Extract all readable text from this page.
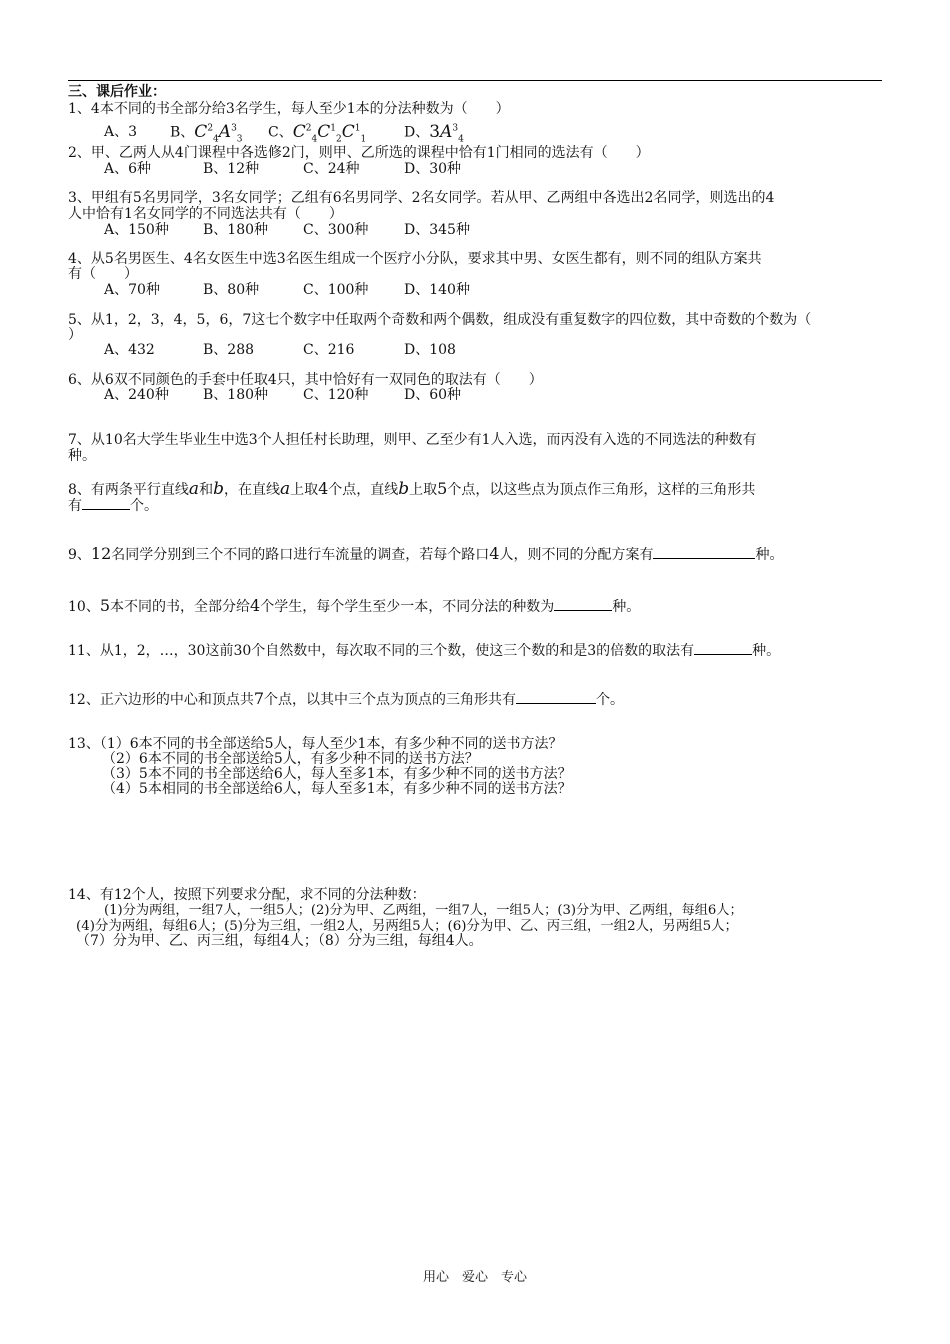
三、课后作业：
1、4本不同的书全部分给3名学生，每人至少1本的分法种数为（　　）
A、3 B、$C^2_4A^3_3$ C、$C^2_4C^1_2C^1_1$	D、$3A^3_4$
2、甲、乙两人从4门课程中各选修2门，则甲、乙所选的课程中恰有1门相同的选法有（　　）
A、6种	B、12种	C、24种	D、30种
3、甲组有5名男同学，3名女同学；乙组有6名男同学、2名女同学。若从甲、乙两组中各选出2名同学，则选出的4
人中恰有1名女同学的不同选法共有（　　）
A、150种 B、180种 C、300种	D、345种
4、从5名男医生、4名女医生中选3名医生组成一个医疗小分队，要求其中男、女医生都有，则不同的组队方案共
有（　　）
A、70种	B、80种	C、100种	D、140种
5、从1，2，3，4，5，6，7这七个数字中任取两个奇数和两个偶数，组成没有重复数字的四位数，其中奇数的个数为（
）
A、432	B、288	C、216	D、108
6、从6双不同颜色的手套中任取4只，其中恰好有一双同色的取法有（　　）
A、240种 B、180种 C、120种	D、60种
7、从10名大学生毕业生中选3个人担任村长助理，则甲、乙至少有1人入选，而丙没有入选的不同选法的种数有
种。
8、有两条平行直线a和b，在直线a上取4个点，直线b上取5个点，以这些点为顶点作三角形，这样的三角形共
有	个。
9、12名同学分别到三个不同的路口进行车流量的调查，若每个路口4人，则不同的分配方案有	种。
10、5本不同的书，全部分给4个学生，每个学生至少一本，不同分法的种数为	种。
11、从1，2，…，30这前30个自然数中，每次取不同的三个数，使这三个数的和是3的倍数的取法有	种。
12、正六边形的中心和顶点共7个点，以其中三个点为顶点的三角形共有	个。
13、（1）6本不同的书全部送给5人，每人至少1本，有多少种不同的送书方法？
（2）6本不同的书全部送给5人，有多少种不同的送书方法？
（3）5本不同的书全部送给6人，每人至多1本，有多少种不同的送书方法？
（4）5本相同的书全部送给6人，每人至多1本，有多少种不同的送书方法？
14、有12个人，按照下列要求分配，求不同的分法种数：
(1)分为两组，一组7人，一组5人；(2)分为甲、乙两组，一组7人，一组5人；(3)分为甲、乙两组，每组6人；
(4)分为两组，每组6人；(5)分为三组，一组2人，另两组5人；(6)分为甲、乙、丙三组，一组2人，另两组5人；
（7）分为甲、乙、丙三组，每组4人；（8）分为三组，每组4人。
用心　爱心　专心
